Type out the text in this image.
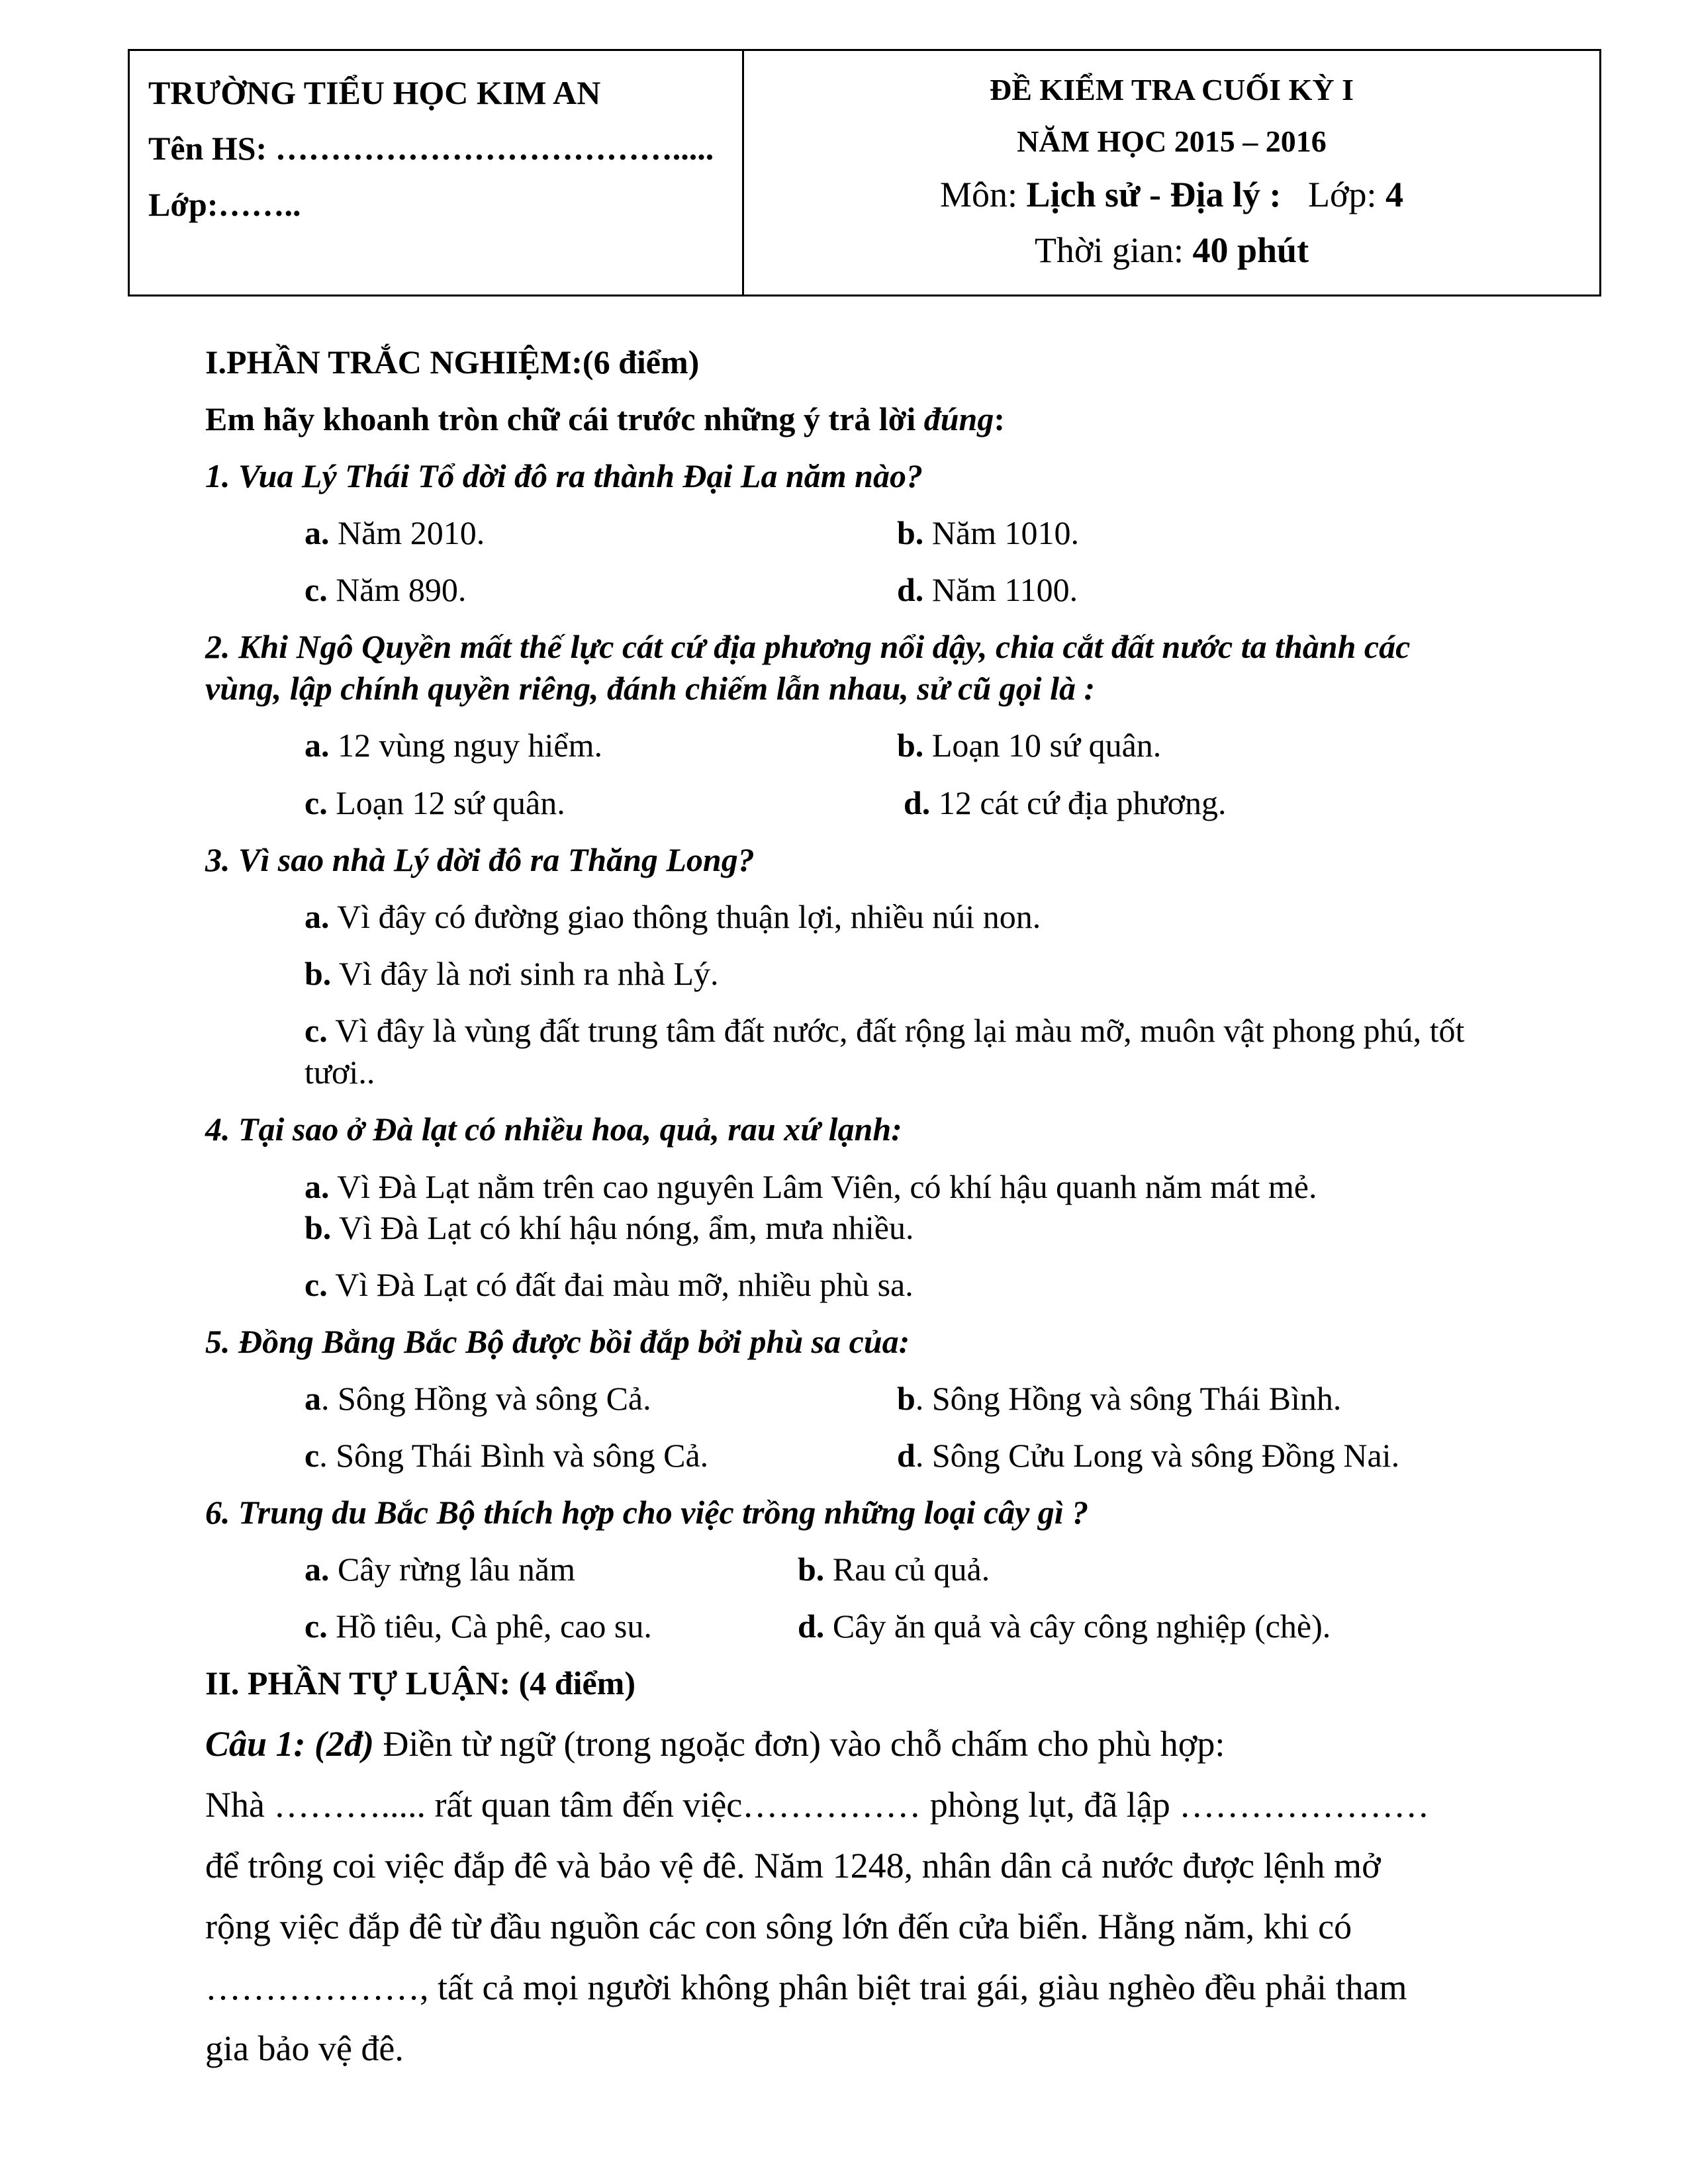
TRƯỜNG TIỂU HỌC KIM AN
Tên HS: ……………………………….....
Lớp:……..
ĐỀ KIỂM TRA CUỐI KỲ I
NĂM HỌC 2015 – 2016
Môn: Lịch sử - Địa lý : Lớp: 4
Thời gian: 40 phút
I.PHẦN TRẮC NGHIỆM:(6 điểm)
Em hãy khoanh tròn chữ cái trước những ý trả lời đúng:
1. Vua Lý Thái Tổ dời đô ra thành Đại La năm nào?
a. Năm 2010.	b. Năm 1010.
c. Năm 890.	d. Năm 1100.
2. Khi Ngô Quyền mất thế lực cát cứ địa phương nổi dậy, chia cắt đất nước ta thành các
vùng, lập chính quyền riêng, đánh chiếm lẫn nhau, sử cũ gọi là :
a. 12 vùng nguy hiểm.	b. Loạn 10 sứ quân.
c. Loạn 12 sứ quân.	d. 12 cát cứ địa phương.
3. Vì sao nhà Lý dời đô ra Thăng Long?
a. Vì đây có đường giao thông thuận lợi, nhiều núi non.
b. Vì đây là nơi sinh ra nhà Lý.
c. Vì đây là vùng đất trung tâm đất nước, đất rộng lại màu mỡ, muôn vật phong phú, tốt
tươi..
4. Tại sao ở Đà lạt có nhiều hoa, quả, rau xứ lạnh:
a. Vì Đà Lạt nằm trên cao nguyên Lâm Viên, có khí hậu quanh năm mát mẻ.
b. Vì Đà Lạt có khí hậu nóng, ẩm, mưa nhiều.
c. Vì Đà Lạt có đất đai màu mỡ, nhiều phù sa.
5. Đồng Bằng Bắc Bộ được bồi đắp bởi phù sa của:
a. Sông Hồng và sông Cả.	b. Sông Hồng và sông Thái Bình.
c. Sông Thái Bình và sông Cả.	d. Sông Cửu Long và sông Đồng Nai.
6. Trung du Bắc Bộ thích hợp cho việc trồng những loại cây gì ?
a. Cây rừng lâu năm	b. Rau củ quả.
c. Hồ tiêu, Cà phê, cao su.	d. Cây ăn quả và cây công nghiệp (chè).
II. PHẦN TỰ LUẬN: (4 điểm)
Câu 1: (2đ) Điền từ ngữ (trong ngoặc đơn) vào chỗ chấm cho phù hợp:
Nhà ………..... rất quan tâm đến việc…………… phòng lụt, đã lập …………………
để trông coi việc đắp đê và bảo vệ đê. Năm 1248, nhân dân cả nước được lệnh mở
rộng việc đắp đê từ đầu nguồn các con sông lớn đến cửa biển. Hằng năm, khi có
………………, tất cả mọi người không phân biệt trai gái, giàu nghèo đều phải tham
gia bảo vệ đê.
